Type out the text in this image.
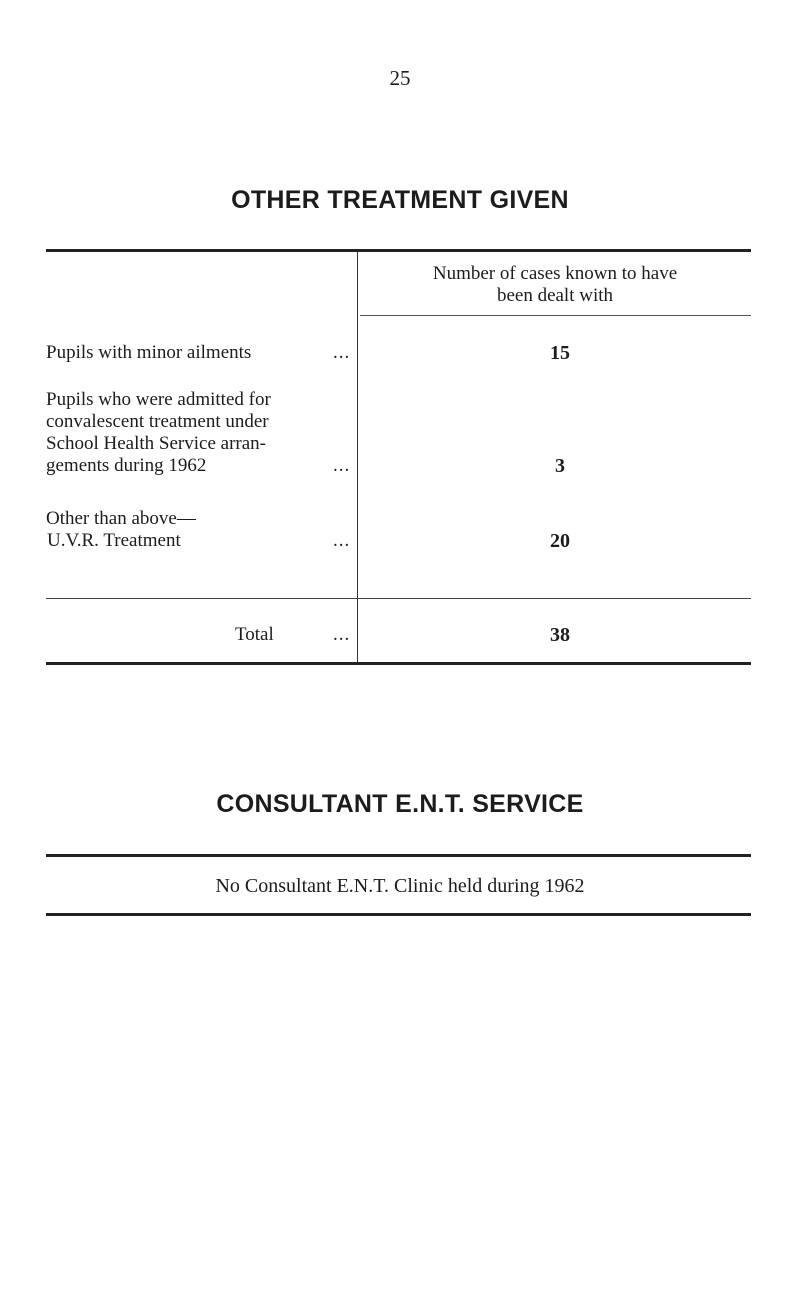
25
OTHER TREATMENT GIVEN
Number of cases known to have
been dealt with
Pupils with minor ailments	...	15
Pupils who were admitted for
convalescent treatment under
School Health Service arran-
gements during 1962	...	3
Other than above—
U.V.R. Treatment	...	20
Total	...	38
CONSULTANT E.N.T. SERVICE
No Consultant E.N.T. Clinic held during 1962
